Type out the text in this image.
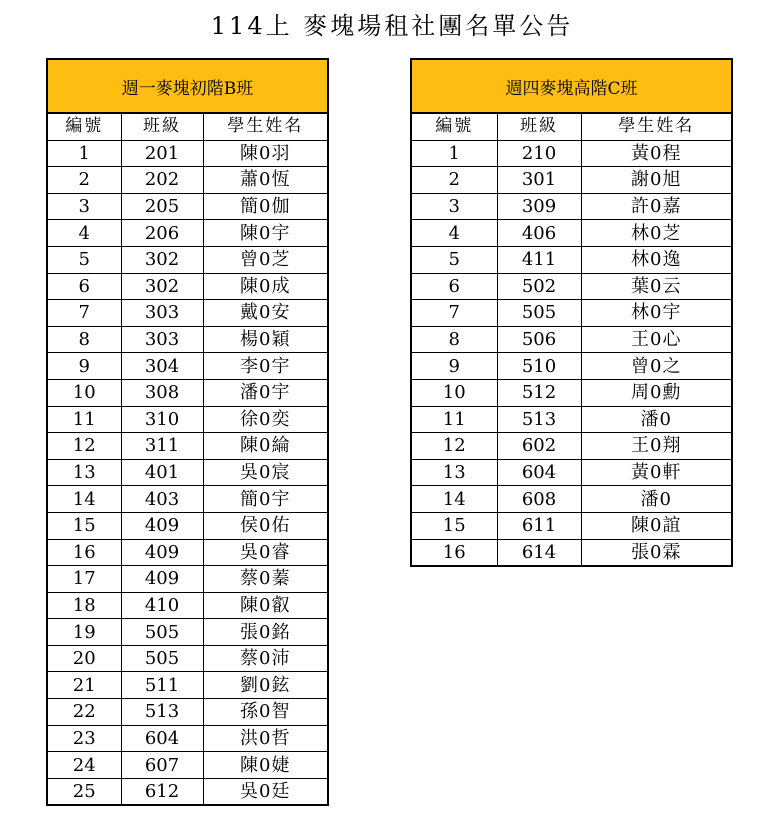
114上 麥塊場租社團名單公告
週一麥塊初階B班		
編號	班級	學生姓名
1	201	陳0羽
2	202	蕭0恆
3	205	簡0伽
4	206	陳0宇
5	302	曾0芝
6	302	陳0成
7	303	戴0安
8	303	楊0穎
9	304	李0宇
10	308	潘0宇
11	310	徐0奕
12	311	陳0綸
13	401	吳0宸
14	403	簡0宇
15	409	侯0佑
16	409	吳0睿
17	409	蔡0蓁
18	410	陳0叡
19	505	張0銘
20	505	蔡0沛
21	511	劉0鉉
22	513	孫0智
23	604	洪0哲
24	607	陳0婕
25	612	吳0廷
週四麥塊高階C班		
編號	班級	學生姓名
1	210	黃0程
2	301	謝0旭
3	309	許0嘉
4	406	林0芝
5	411	林0逸
6	502	葉0云
7	505	林0宇
8	506	王0心
9	510	曾0之
10	512	周0勳
11	513	潘0
12	602	王0翔
13	604	黃0軒
14	608	潘0
15	611	陳0誼
16	614	張0霖
